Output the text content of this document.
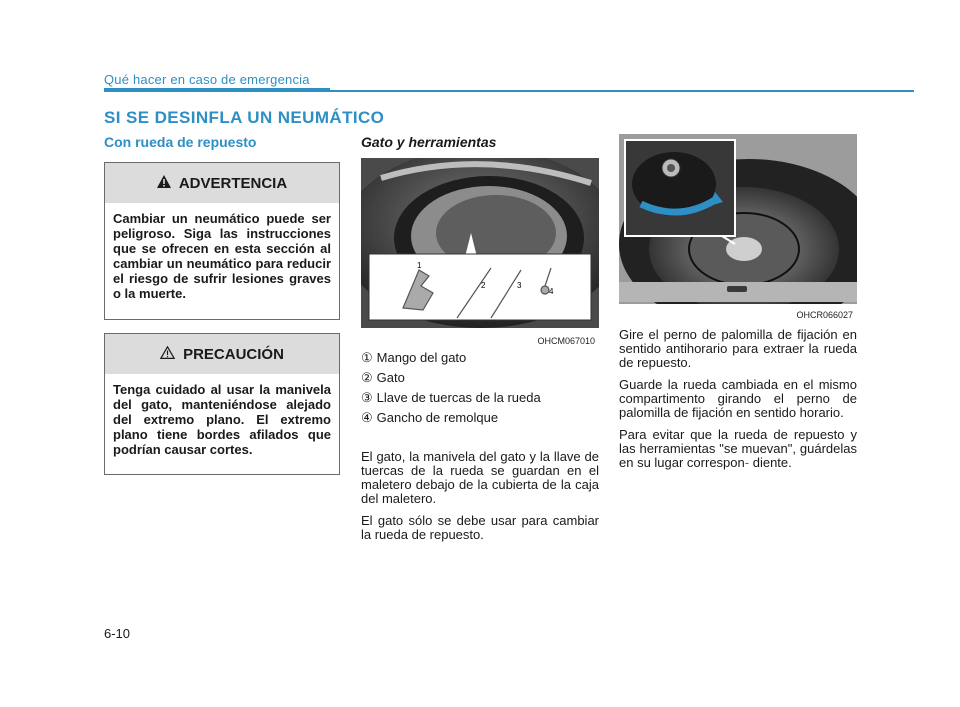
Qué hacer en caso de emergencia
SI SE DESINFLA UN NEUMÁTICO
Con rueda de repuesto	Gato y herramientas
ADVERTENCIA
Cambiar un neumático puede ser peligroso. Siga las instrucciones que se ofrecen en esta sección al cambiar un neumático para reducir el riesgo de sufrir lesiones graves o la muerte.
PRECAUCIÓN
Tenga cuidado al usar la manivela del gato, manteniéndose alejado del extremo plano. El extremo plano tiene bordes afilados que podrían causar cortes.
1
2	3
4
OHCM067010
① Mango del gato
② Gato
③ Llave de tuercas de la rueda
④ Gancho de remolque

El gato, la manivela del gato y la llave de tuercas de la rueda se guardan en el maletero debajo de la cubierta de la caja del maletero.

El gato sólo se debe usar para cambiar la rueda de repuesto.

OHCR066027

Gire el perno de palomilla de fijación en sentido antihorario para extraer la rueda de repuesto.

Guarde la rueda cambiada en el mismo compartimento girando el perno de palomilla de fijación en sentido horario.

Para evitar que la rueda de repuesto y las herramientas "se muevan", guárdelas en su lugar correspon- diente.

6-10
